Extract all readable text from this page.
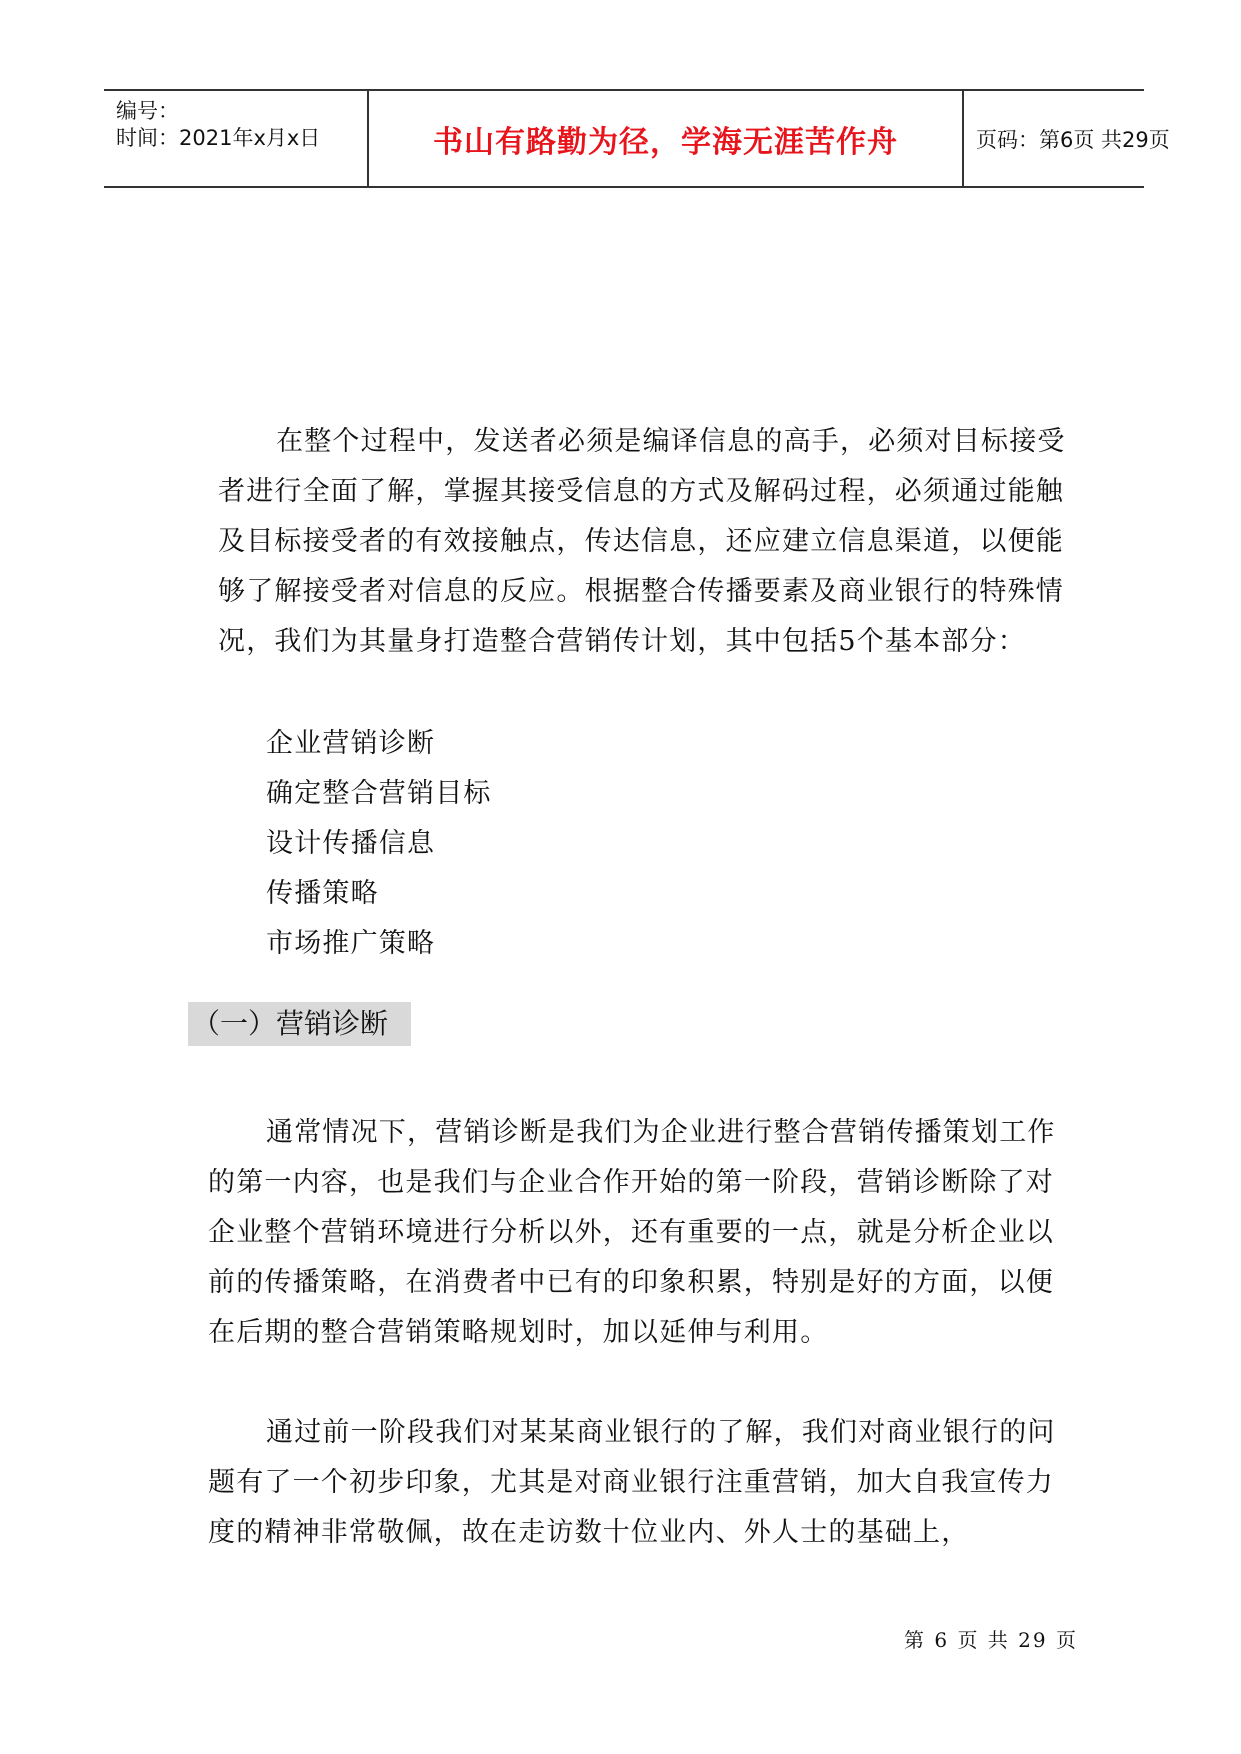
编号：
时间：2021年x月x日	书山有路勤为径，学海无涯苦作舟	页码：第6页 共29页
在整个过程中，发送者必须是编译信息的高手，必须对目标接受者进行全面了解，掌握其接受信息的方式及解码过程，必须通过能触及目标接受者的有效接触点，传达信息，还应建立信息渠道，以便能够了解接受者对信息的反应。根据整合传播要素及商业银行的特殊情况，我们为其量身打造整合营销传计划，其中包括5个基本部分：
企业营销诊断
确定整合营销目标
设计传播信息
传播策略
市场推广策略
（一）营销诊断
通常情况下，营销诊断是我们为企业进行整合营销传播策划工作的第一内容，也是我们与企业合作开始的第一阶段，营销诊断除了对企业整个营销环境进行分析以外，还有重要的一点，就是分析企业以前的传播策略，在消费者中已有的印象积累，特别是好的方面，以便在后期的整合营销策略规划时，加以延伸与利用。
通过前一阶段我们对某某商业银行的了解，我们对商业银行的问题有了一个初步印象，尤其是对商业银行注重营销，加大自我宣传力度的精神非常敬佩，故在走访数十位业内、外人士的基础上，
第 6 页 共 29 页
